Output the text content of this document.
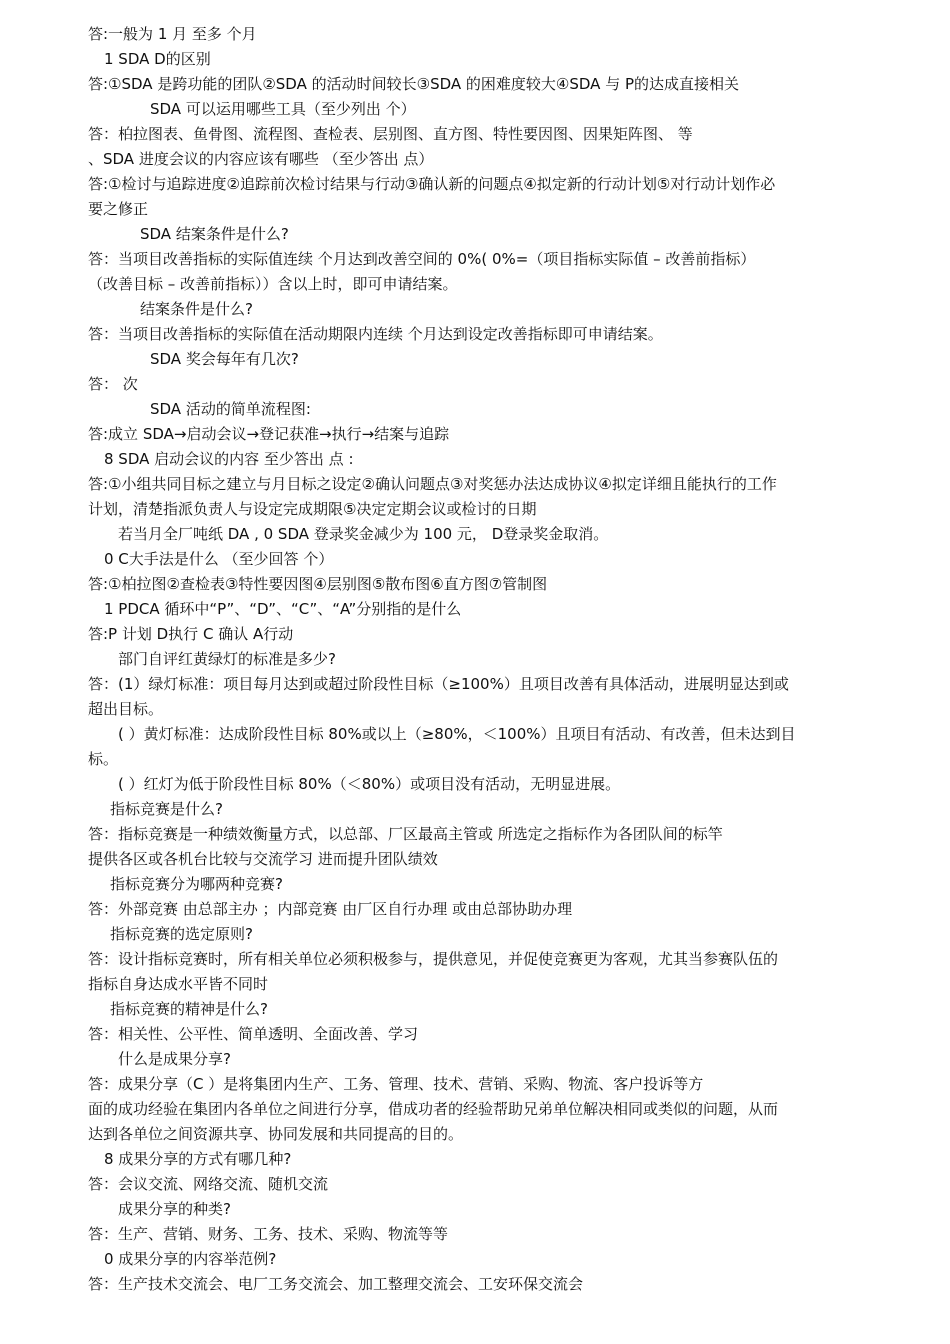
答:一般为 1 月 至多 个月
1 SDA D的区别
答:①SDA 是跨功能的团队②SDA 的活动时间较长③SDA 的困难度较大④SDA 与 P的达成直接相关
SDA 可以运用哪些工具（至少列出 个）
答：柏拉图表、鱼骨图、流程图、查检表、层别图、直方图、特性要因图、因果矩阵图、 等
、SDA 进度会议的内容应该有哪些 （至少答出 点）
答:①检讨与追踪进度②追踪前次检讨结果与行动③确认新的问题点④拟定新的行动计划⑤对行动计划作必
要之修正
SDA 结案条件是什么?
答：当项目改善指标的实际值连续 个月达到改善空间的 0%( 0%=（项目指标实际值 – 改善前指标）
（改善目标 – 改善前指标））含以上时，即可申请结案。
结案条件是什么?
答：当项目改善指标的实际值在活动期限内连续 个月达到设定改善指标即可申请结案。
SDA 奖会每年有几次?
答： 次
SDA 活动的简单流程图:
答:成立 SDA→启动会议→登记获准→执行→结案与追踪
8 SDA 启动会议的内容 至少答出 点 :
答:①小组共同目标之建立与月目标之设定②确认问题点③对奖惩办法达成协议④拟定详细且能执行的工作
计划，清楚指派负责人与设定完成期限⑤决定定期会议或检讨的日期
若当月全厂吨纸 DA , 0 SDA 登录奖金减少为 100 元， D登录奖金取消。
0 C大手法是什么 （至少回答 个）
答:①柏拉图②查检表③特性要因图④层别图⑤散布图⑥直方图⑦管制图
1 PDCA 循环中“P”、“D”、“C”、“A”分别指的是什么
答:P 计划 D执行 C 确认 A行动
部门自评红黄绿灯的标准是多少?
答：(1）绿灯标准：项目每月达到或超过阶段性目标（≥100%）且项目改善有具体活动，进展明显达到或
超出目标。
( ）黄灯标准：达成阶段性目标 80%或以上（≥80%，＜100%）且项目有活动、有改善，但未达到目
标。
( ）红灯为低于阶段性目标 80%（＜80%）或项目没有活动，无明显进展。
指标竞赛是什么?
答：指标竞赛是一种绩效衡量方式，以总部、厂区最高主管或 所选定之指标作为各团队间的标竿
提供各区或各机台比较与交流学习 进而提升团队绩效
指标竞赛分为哪两种竞赛?
答：外部竞赛 由总部主办 ；内部竞赛 由厂区自行办理 或由总部协助办理
指标竞赛的选定原则?
答：设计指标竞赛时，所有相关单位必须积极参与，提供意见，并促使竞赛更为客观，尤其当参赛队伍的
指标自身达成水平皆不同时
指标竞赛的精神是什么?
答：相关性、公平性、简单透明、全面改善、学习
什么是成果分享?
答：成果分享（C ）是将集团内生产、工务、管理、技术、营销、采购、物流、客户投诉等方
面的成功经验在集团内各单位之间进行分享，借成功者的经验帮助兄弟单位解决相同或类似的问题，从而
达到各单位之间资源共享、协同发展和共同提高的目的。
8 成果分享的方式有哪几种?
答：会议交流、网络交流、随机交流
成果分享的种类?
答：生产、营销、财务、工务、技术、采购、物流等等
0 成果分享的内容举范例?
答：生产技术交流会、电厂工务交流会、加工整理交流会、工安环保交流会
